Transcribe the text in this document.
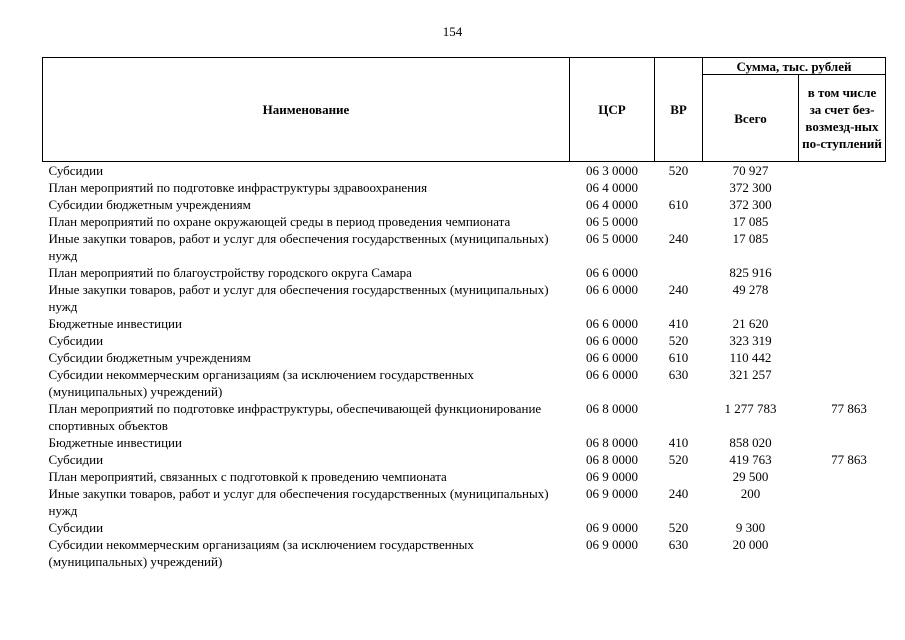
154
Наименование	ЦСР	ВР	Сумма, тыс. рублей	
			Всего	в том числе за счет без-возмезд-ных по-ступлений
Субсидии	06 3 0000	520	70 927	
План мероприятий по подготовке инфраструктуры здравоохранения	06 4 0000		372 300	
Субсидии бюджетным учреждениям	06 4 0000	610	372 300	
План мероприятий по охране окружающей среды в период проведения чемпионата	06 5 0000		17 085	
Иные закупки товаров, работ и услуг для обеспечения государственных (муниципальных) нужд	06 5 0000	240	17 085	
План мероприятий по благоустройству городского округа Самара	06 6 0000		825 916	
Иные закупки товаров, работ и услуг для обеспечения государственных (муниципальных) нужд	06 6 0000	240	49 278	
Бюджетные инвестиции	06 6 0000	410	21 620	
Субсидии	06 6 0000	520	323 319	
Субсидии бюджетным учреждениям	06 6 0000	610	110 442	
Субсидии некоммерческим организациям (за исключением государственных (муниципальных) учреждений)	06 6 0000	630	321 257	
План мероприятий по подготовке инфраструктуры, обеспечивающей функционирование спортивных объектов	06 8 0000		1 277 783	77 863
Бюджетные инвестиции	06 8 0000	410	858 020	
Субсидии	06 8 0000	520	419 763	77 863
План мероприятий, связанных с подготовкой к проведению чемпионата	06 9 0000		29 500	
Иные закупки товаров, работ и услуг для обеспечения государственных (муниципальных) нужд	06 9 0000	240	200	
Субсидии	06 9 0000	520	9 300	
Субсидии некоммерческим организациям (за исключением государственных (муниципальных) учреждений)	06 9 0000	630	20 000	
